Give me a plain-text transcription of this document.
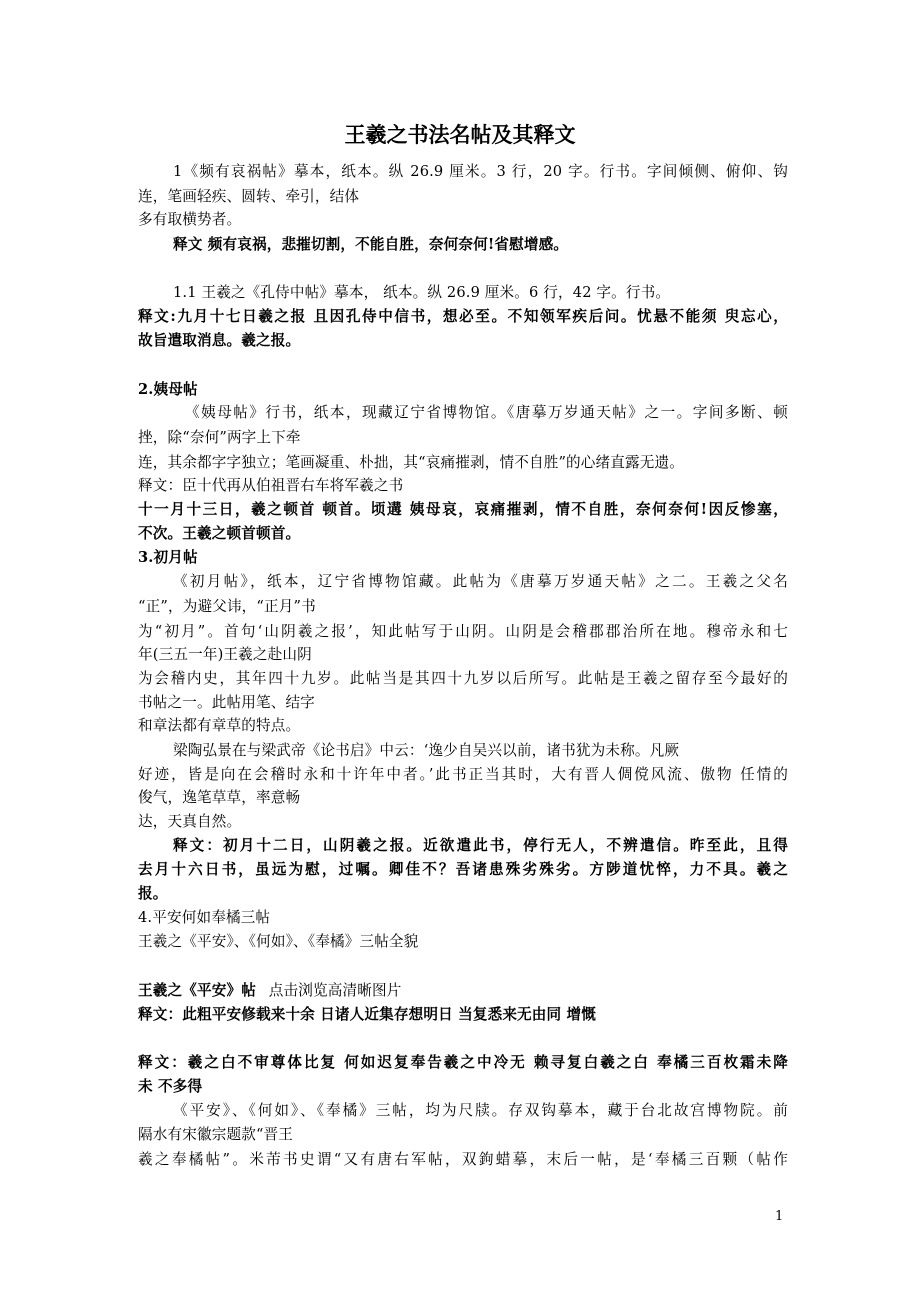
王羲之书法名帖及其释文
1《频有哀祸帖》摹本，纸本。纵 26.9 厘米。3 行，20 字。行书。字间倾侧、俯仰、钩
连，笔画轻疾、圆转、牵引，结体
多有取横势者。
释文 频有哀祸，悲摧切割，不能自胜，奈何奈何!省慰增感。
1.1 王羲之《孔侍中帖》摹本， 纸本。纵 26.9 厘米。6 行，42 字。行书。
释文:九月十七日羲之报 且因孔侍中信书，想必至。不知领军疾后问。忧悬不能须 臾忘心，
故旨遣取消息。羲之报。
2.姨母帖
《姨母帖》行书，纸本，现藏辽宁省博物馆。《唐摹万岁通天帖》之一。字间多断、顿
挫，除“奈何”两字上下牵
连，其余都字字独立；笔画凝重、朴拙，其“哀痛摧剥，情不自胜”的心绪直露无遗。
释文：臣十代再从伯祖晋右车将军羲之书
十一月十三日，羲之顿首 顿首。顷遘 姨母哀，哀痛摧剥，情不自胜，奈何奈何!因反惨塞，
不次。王羲之顿首顿首。
3.初月帖
《初月帖》，纸本，辽宁省博物馆藏。此帖为《唐摹万岁通天帖》之二。王羲之父名
“正”，为避父讳，“正月”书
为“初月”。首句‘山阴羲之报’，知此帖写于山阴。山阴是会稽郡郡治所在地。穆帝永和七
年(三五一年)王羲之赴山阴
为会稽内史，其年四十九岁。此帖当是其四十九岁以后所写。此帖是王羲之留存至今最好的
书帖之一。此帖用笔、结字
和章法都有章草的特点。
梁陶弘景在与梁武帝《论书启》中云：‘逸少自吴兴以前，诸书犹为未称。凡厥
好迹，皆是向在会稽时永和十许年中者。’此书正当其时，大有晋人倜傥风流、傲物 任情的
俊气，逸笔草草，率意畅
达，天真自然。
释文：初月十二日，山阴羲之报。近欲遣此书，停行无人，不辨遣信。昨至此，且得
去月十六日书，虽远为慰，过嘱。卿佳不？吾诸患殊劣殊劣。方陟道忧悴，力不具。羲之
报。
4.平安何如奉橘三帖
王羲之《平安》、《何如》、《奉橘》三帖全貌
王羲之《平安》帖 点击浏览高清晰图片
释文：此粗平安修载来十余 日诸人近集存想明日 当复悉来无由同 增慨
释文：羲之白不审尊体比复 何如迟复奉告羲之中冷无 赖寻复白羲之白 奉橘三百枚霜未降
未 不多得
《平安》、《何如》、《奉橘》三帖，均为尺牍。存双钩摹本，藏于台北故宫博物院。前
隔水有宋徽宗题款“晋王
羲之奉橘帖”。米芾书史谓“又有唐右军帖，双鉤蜡摹，末后一帖，是‘奉橘三百颗（帖作
1
